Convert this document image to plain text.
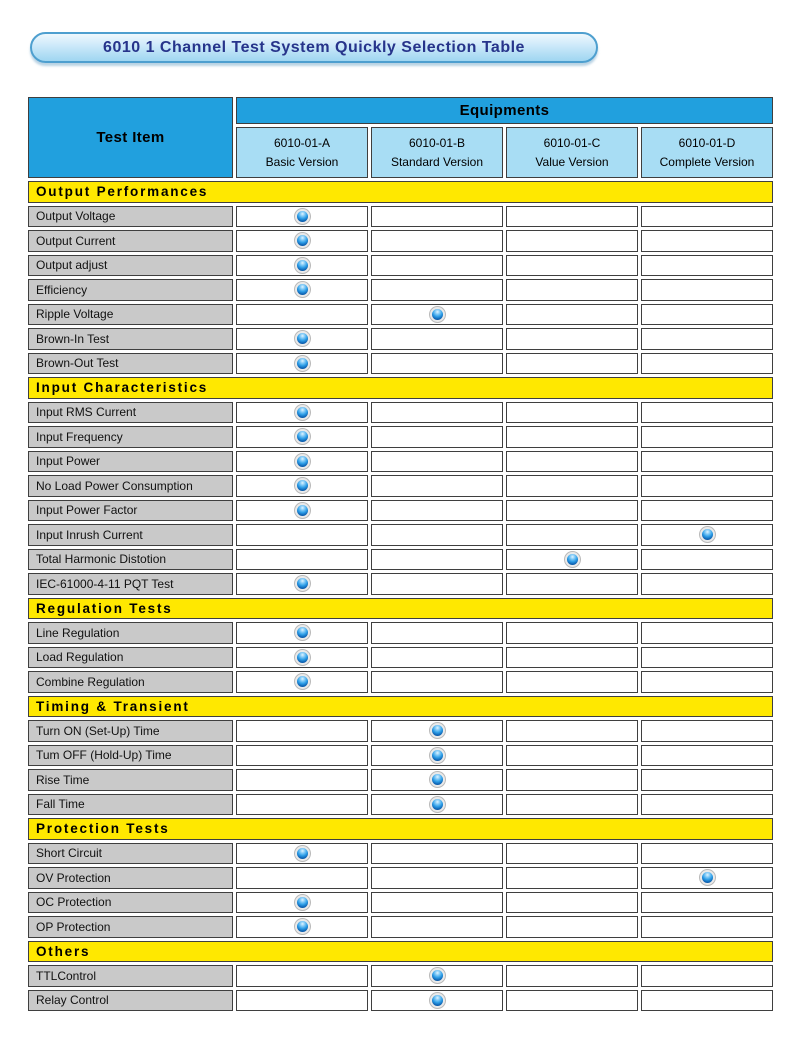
6010 1 Channel Test System Quickly Selection Table
Test Item
Equipments
6010-01-A
Basic Version
6010-01-B
Standard Version
6010-01-C
Value Version
6010-01-D
Complete Version
Output Performances
Output Voltage
Output Current
Output adjust
Efficiency
Ripple Voltage
Brown-In Test
Brown-Out Test
Input Characteristics
Input RMS Current
Input Frequency
Input Power
No Load Power Consumption
Input Power Factor
Input Inrush Current
Total Harmonic Distotion
IEC-61000-4-11 PQT Test
Regulation Tests
Line Regulation
Load Regulation
Combine Regulation
Timing & Transient
Turn ON (Set-Up) Time
Tum OFF (Hold-Up) Time
Rise Time
Fall Time
Protection Tests
Short Circuit
OV Protection
OC Protection
OP Protection
Others
TTLControl
Relay Control
